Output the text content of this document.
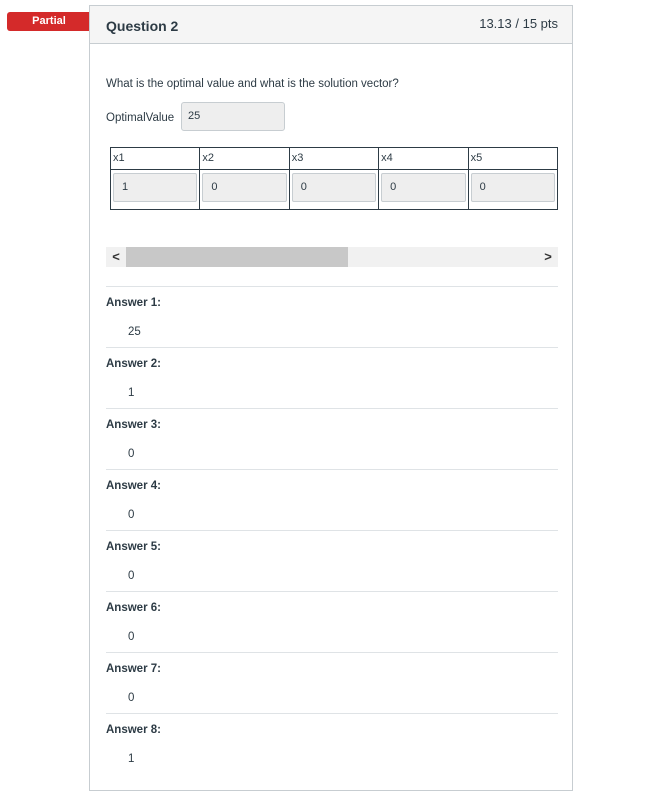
Partial	Question 2	13.13 / 15 pts
What is the optimal value and what is the solution vector?
OptimalValue	25
x1	x2	x3	x4	x5

1	0	0	0	0
<	>
Answer 1:
25
Answer 2:
1
Answer 3:
0
Answer 4:
0
Answer 5:
0
Answer 6:
0
Answer 7:
0
Answer 8:
1
